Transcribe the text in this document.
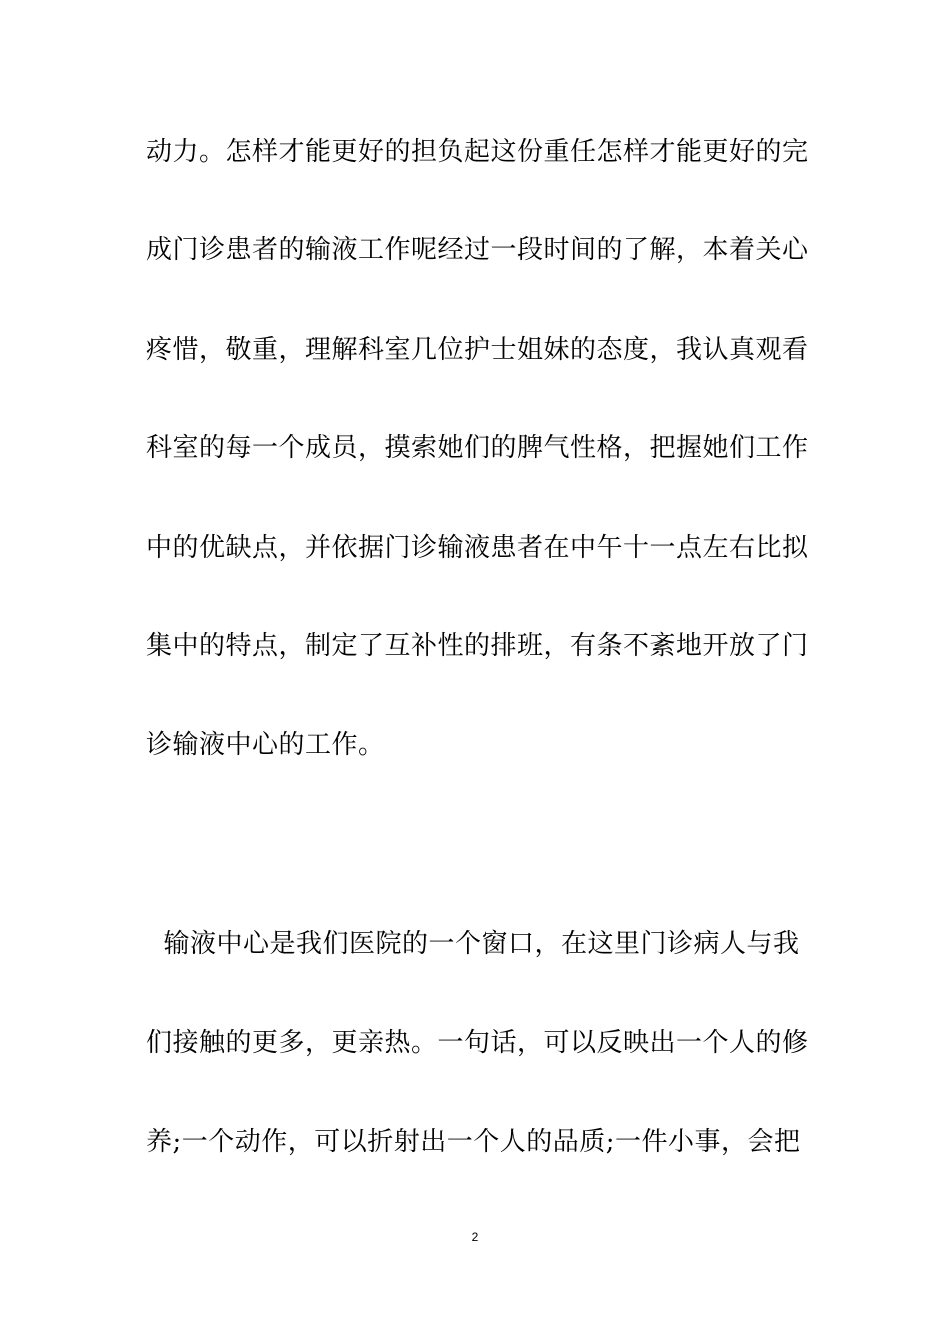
动力。怎样才能更好的担负起这份重任怎样才能更好的完
成门诊患者的输液工作呢经过一段时间的了解，本着关心
疼惜，敬重，理解科室几位护士姐妹的态度，我认真观看
科室的每一个成员，摸索她们的脾气性格，把握她们工作
中的优缺点，并依据门诊输液患者在中午十一点左右比拟
集中的特点，制定了互补性的排班，有条不紊地开放了门
诊输液中心的工作。
输液中心是我们医院的一个窗口，在这里门诊病人与我
们接触的更多，更亲热。一句话，可以反映出一个人的修
养;一个动作，可以折射出一个人的品质;一件小事，会把
2
